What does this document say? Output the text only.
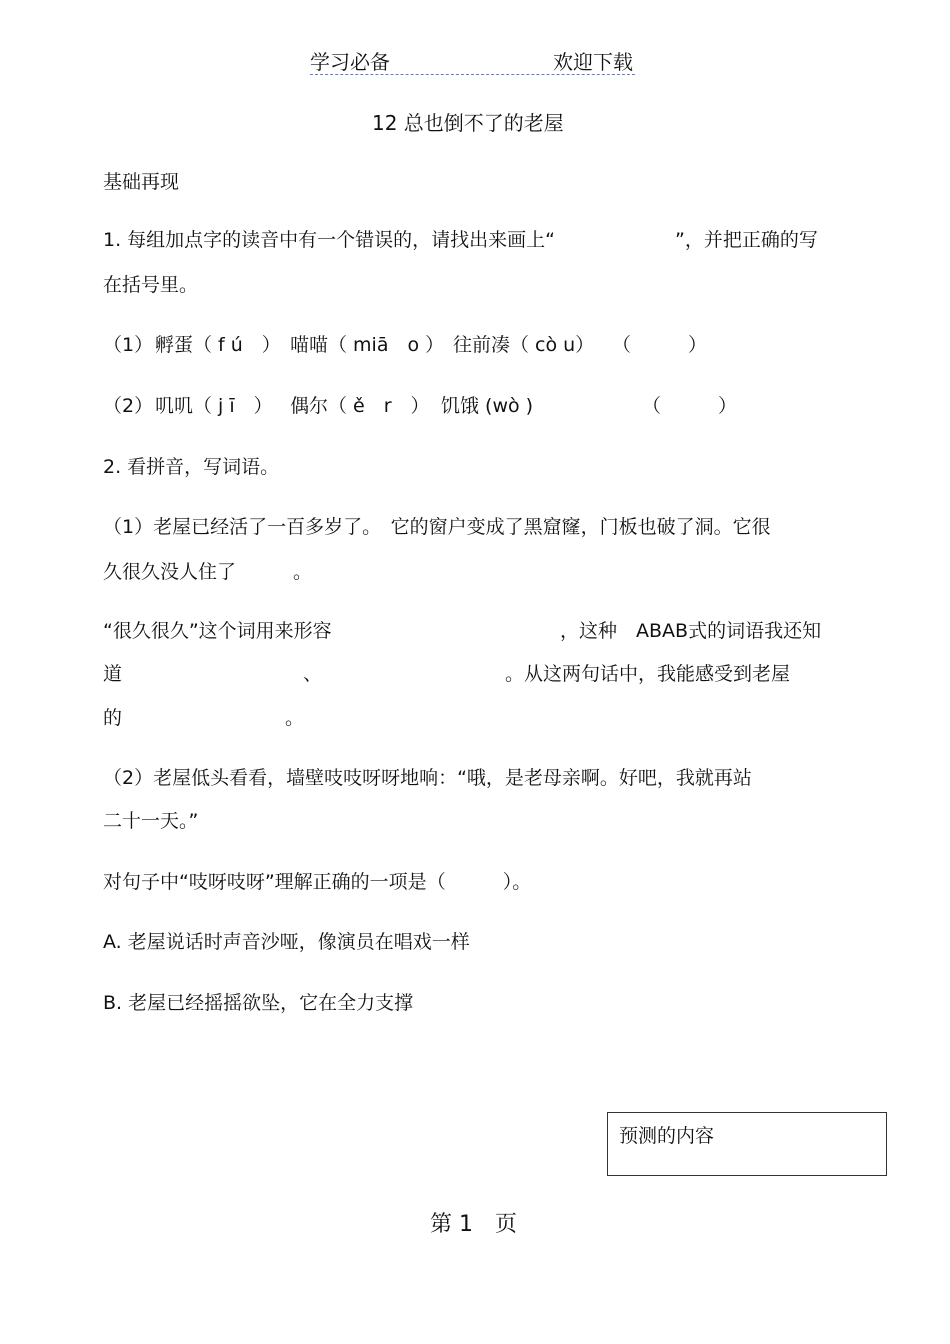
学习必备	欢迎下载
12 总也倒不了的老屋
基础再现
1. 每组加点字的读音中有一个错误的，请找出来画上“	”，并把正确的写
在括号里。
（1） 孵蛋（ f ú　） 喵喵（ miā　o ） 往前凑（ cò u） （　　　）
（2） 叽叽（ j ī　） 偶尔（ ě　r　） 饥饿 (wò )	（　　　）
2. 看拼音，写词语。
（1）老屋已经活了一百多岁了。　它的窗户变成了黑窟窿，门板也破了洞。它很
久很久没人住了　　　。
“很久很久”这个词用来形容	，这种　ABAB式的词语我还知
道	、	。从这两句话中，我能感受到老屋
的	。
（2）老屋低头看看，墙壁吱吱呀呀地响：“哦，是老母亲啊。好吧，我就再站
二十一天。”
对句子中“吱呀吱呀”理解正确的一项是（　　　）。
A. 老屋说话时声音沙哑，像演员在唱戏一样
B. 老屋已经摇摇欲坠，它在全力支撑
预测的内容
第 1　页
